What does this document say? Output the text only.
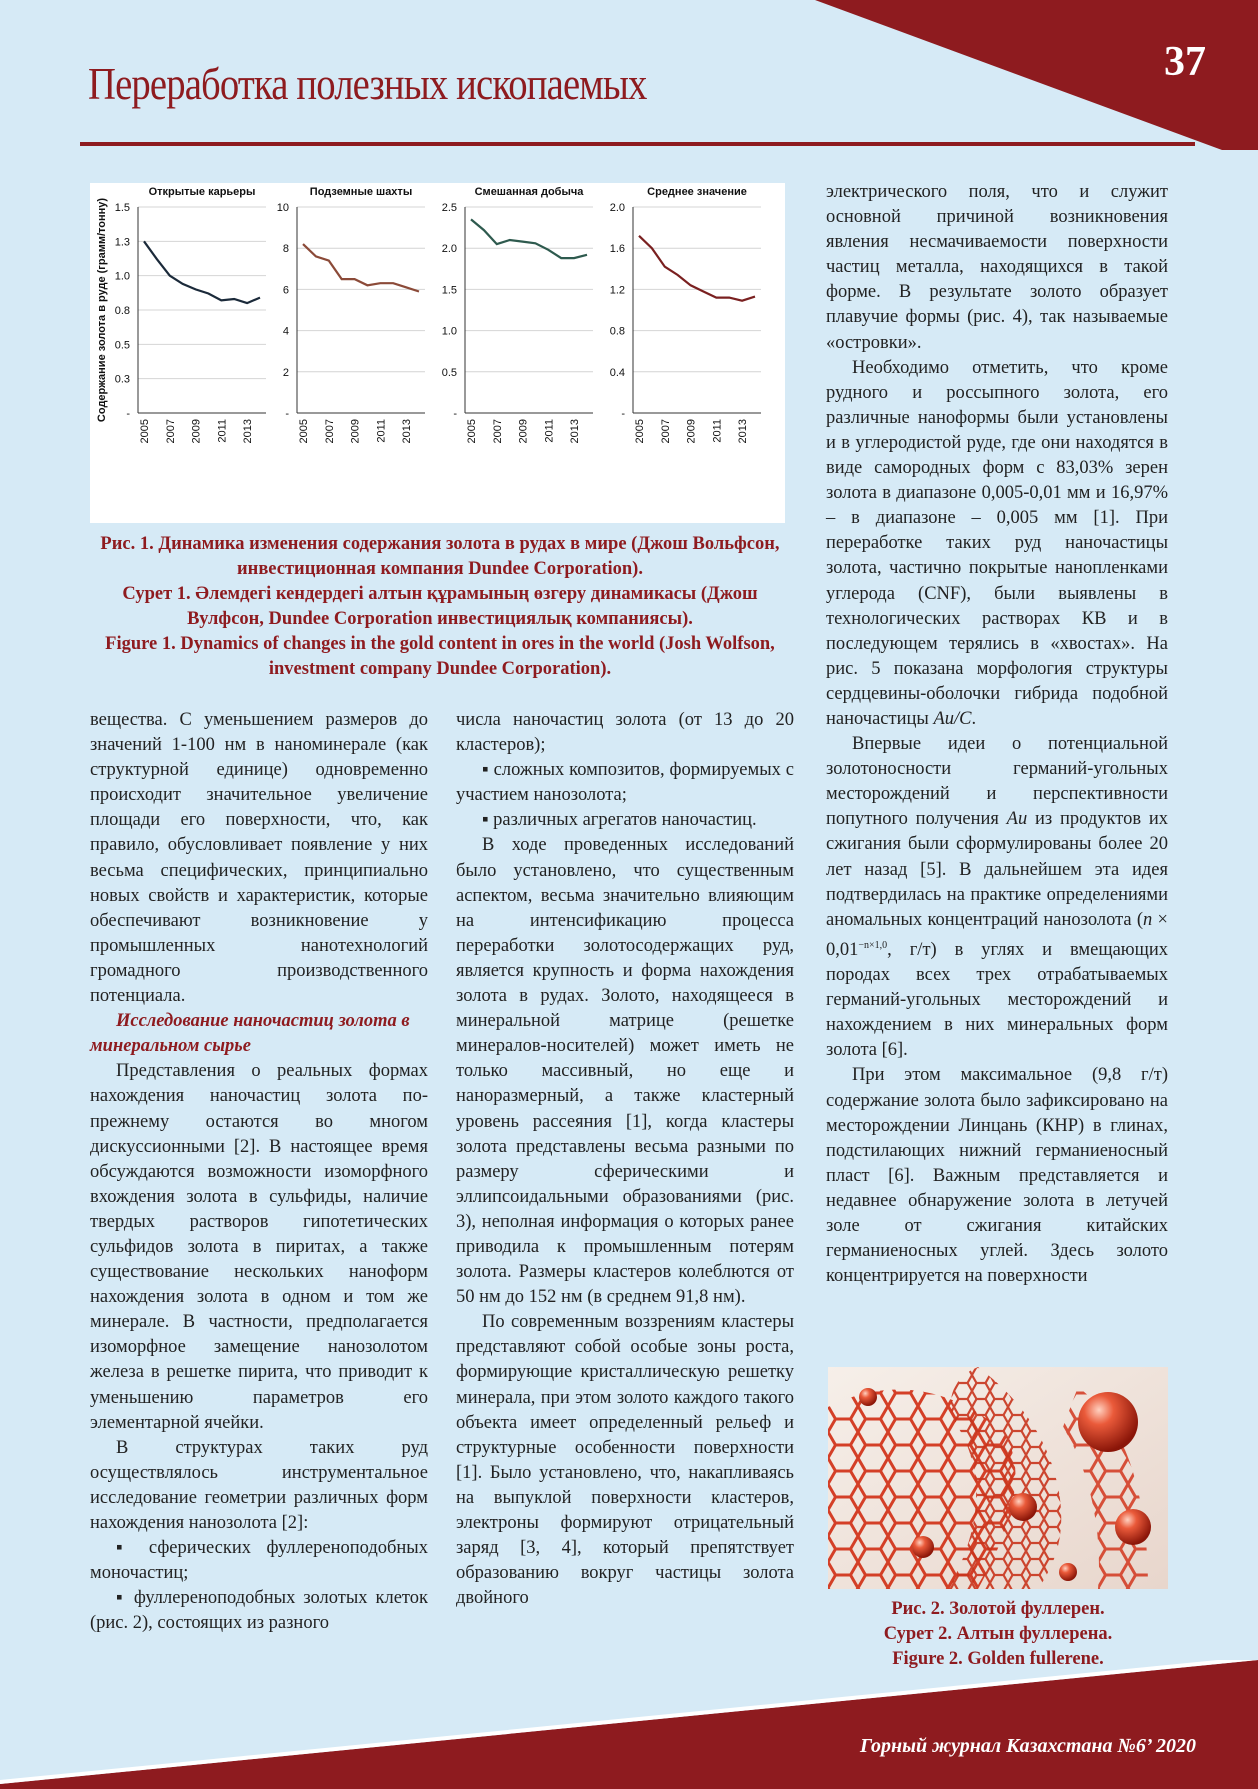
Переработка полезных ископаемых	37
Содержание золота в руде (грамм/тонну)
Открытые карьеры
-
0.3
0.5
0.8
1.0
1.3
1.5
2005 2007 2009 2011 2013
Подземные шахты
-
2
4
6
8
10
2005 2007 2009 2011 2013
Смешанная добыча
-
0.5
1.0
1.5
2.0
2.5
2005 2007 2009 2011 2013
Среднее значение
-
0.4
0.8
1.2
1.6
2.0
2005 2007 2009 2011 2013
Рис. 1. Динамика изменения содержания золота в рудах в мире (Джош Вольфсон, инвестиционная компания Dundee Corporation).
Сурет 1. Әлемдегі кендердегі алтын құрамының өзгеру динамикасы (Джош Вулфсон, Dundee Corporation инвестициялық компаниясы).
Figure 1. Dynamics of changes in the gold content in ores in the world (Josh Wolfson, investment company Dundee Corporation).

вещества. С уменьшением размеров до значений 1-100 нм в наноминерале (как структурной единице) одновременно происходит значительное увеличение площади его поверхности, что, как правило, обусловливает появление у них весьма специфических, принципиально новых свойств и характеристик, которые обеспечивают возникновение у промышленных нанотехнологий громадного производственного потенциала.

Исследование наночастиц золота в минеральном сырье

Представления о реальных формах нахождения наночастиц золота по-прежнему остаются во многом дискуссионными [2]. В настоящее время обсуждаются возможности изоморфного вхождения золота в сульфиды, наличие твердых растворов гипотетических сульфидов золота в пиритах, а также существование нескольких наноформ нахождения золота в одном и том же минерале. В частности, предполагается изоморфное замещение нанозолотом железа в решетке пирита, что приводит к уменьшению параметров его элементарной ячейки.

В структурах таких руд осуществлялось инструментальное исследование геометрии различных форм нахождения нанозолота [2]:

▪ сферических фуллереноподобных моночастиц;

▪ фуллереноподобных золотых клеток (рис. 2), состоящих из разного

числа наночастиц золота (от 13 до 20 кластеров);

▪ сложных композитов, формируемых с участием нанозолота;

▪ различных агрегатов наночастиц.

В ходе проведенных исследований было установлено, что существенным аспектом, весьма значительно влияющим на интенсификацию процесса переработки золотосодержащих руд, является крупность и форма нахождения золота в рудах. Золото, находящееся в минеральной матрице (решетке минералов-носителей) может иметь не только массивный, но еще и наноразмерный, а также кластерный уровень рассеяния [1], когда кластеры золота представлены весьма разными по размеру сферическими и эллипсоидальными образованиями (рис. 3), неполная информация о которых ранее приводила к промышленным потерям золота. Размеры кластеров колеблются от 50 нм до 152 нм (в среднем 91,8 нм).

По современным воззрениям кластеры представляют собой особые зоны роста, формирующие кристаллическую решетку минерала, при этом золото каждого такого объекта имеет определенный рельеф и структурные особенности поверхности [1]. Было установлено, что, накапливаясь на выпуклой поверхности кластеров, электроны формируют отрицательный заряд [3, 4], который препятствует образованию вокруг частицы золота двойного

электрического поля, что и служит основной причиной возникновения явления несмачиваемости поверхности частиц металла, находящихся в такой форме. В результате золото образует плавучие формы (рис. 4), так называемые «островки».

Необходимо отметить, что кроме рудного и россыпного золота, его различные наноформы были установлены и в углеродистой руде, где они находятся в виде самородных форм с 83,03% зерен золота в диапазоне 0,005-0,01 мм и 16,97% – в диапазоне – 0,005 мм [1]. При переработке таких руд наночастицы золота, частично покрытые нанопленками углерода (CNF), были выявлены в технологических растворах КВ и в последующем терялись в «хвостах». На рис. 5 показана морфология структуры сердцевины-оболочки гибрида подобной наночастицы Au/C.

Впервые идеи о потенциальной золотоносности германий-угольных месторождений и перспективности попутного получения Au из продуктов их сжигания были сформулированы более 20 лет назад [5]. В дальнейшем эта идея подтвердилась на практике определениями аномальных концентраций нанозолота ($n \times 0,01^{-n\times 1,0}$, г/т) в углях и вмещающих породах всех трех отрабатываемых германий-угольных месторождений и нахождением в них минеральных форм золота [6].

При этом максимальное (9,8 г/т) содержание золота было зафиксировано на месторождении Линцань (КНР) в глинах, подстилающих нижний германиеносный пласт [6]. Важным представляется и недавнее обнаружение золота в летучей золе от сжигания китайских германиеносных углей. Здесь золото концентрируется на поверхности

Рис. 2. Золотой фуллерен.
Сурет 2. Алтын фуллерена.
Figure 2. Golden fullerene.
Горный журнал Казахстана №6’ 2020
